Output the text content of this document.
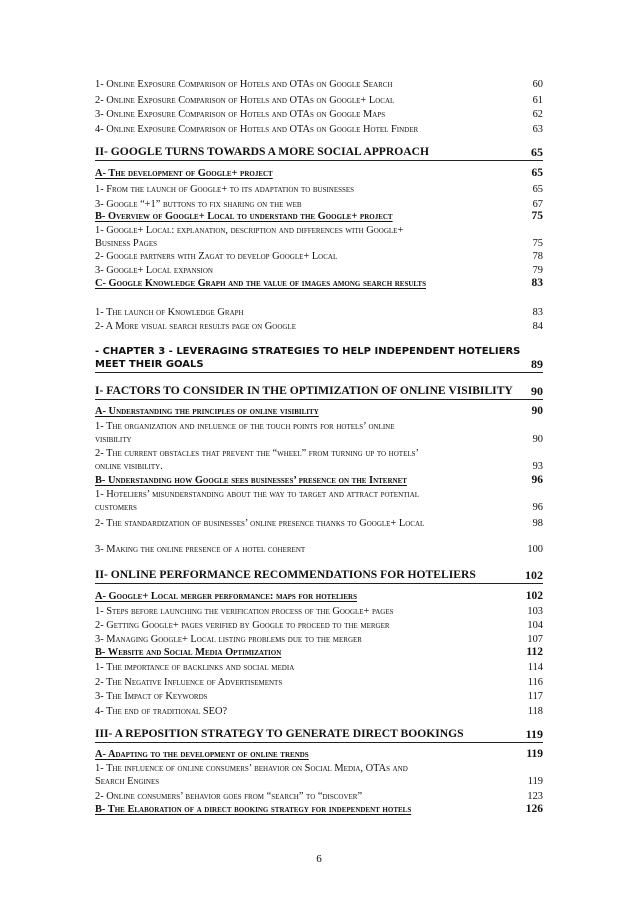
1- Online Exposure Comparison of Hotels and OTAs on Google Search	60
2- Online Exposure Comparison of Hotels and OTAs on Google+ Local	61
3- Online Exposure Comparison of Hotels and OTAs on Google Maps	62
4- Online Exposure Comparison of Hotels and OTAs on Google Hotel Finder	63
II- GOOGLE TURNS TOWARDS A MORE SOCIAL APPROACH	65
A- The development of Google+ project	65
1- From the launch of Google+ to its adaptation to businesses	65
3- Google “+1” buttons to fix sharing on the web	67
B- Overview of Google+ Local to understand the Google+ project	75
1- Google+ Local: explanation, description and differences with Google+
Business Pages	75
2- Google partners with Zagat to develop Google+ Local	78
3- Google+ Local expansion	79
C- Google Knowledge Graph and the value of images among search results	83
1- The launch of Knowledge Graph	83
2- A More visual search results page on Google	84
- CHAPTER 3 - LEVERAGING STRATEGIES TO HELP INDEPENDENT HOTELIERS
MEET THEIR GOALS	89
I- FACTORS TO CONSIDER IN THE OPTIMIZATION OF ONLINE VISIBILITY	90
A- Understanding the principles of online visibility	90
1- The organization and influence of the touch points for hotels’ online
visibility	90
2- The current obstacles that prevent the “wheel” from turning up to hotels’
online visibility.	93
B- Understanding how Google sees businesses’ presence on the Internet	96
1- Hoteliers’ misunderstanding about the way to target and attract potential
customers	96
2- The standardization of businesses’ online presence thanks to Google+ Local	98
3- Making the online presence of a hotel coherent	100
II- ONLINE PERFORMANCE RECOMMENDATIONS FOR HOTELIERS	102
A- Google+ Local merger performance: maps for hoteliers	102
1- Steps before launching the verification process of the Google+ pages	103
2- Getting Google+ pages verified by Google to proceed to the merger	104
3- Managing Google+ Local listing problems due to the merger	107
B- Website and Social Media Optimization	112
1- The importance of backlinks and social media	114
2- The Negative Influence of Advertisements	116
3- The Impact of Keywords	117
4- The end of traditional SEO?	118
III- A REPOSITION STRATEGY TO GENERATE DIRECT BOOKINGS	119
A- Adapting to the development of online trends	119
1- The influence of online consumers’ behavior on Social Media, OTAs and
Search Engines	119
2- Online consumers’ behavior goes from “search” to “discover”	123
B- The Elaboration of a direct booking strategy for independent hotels	126
6
